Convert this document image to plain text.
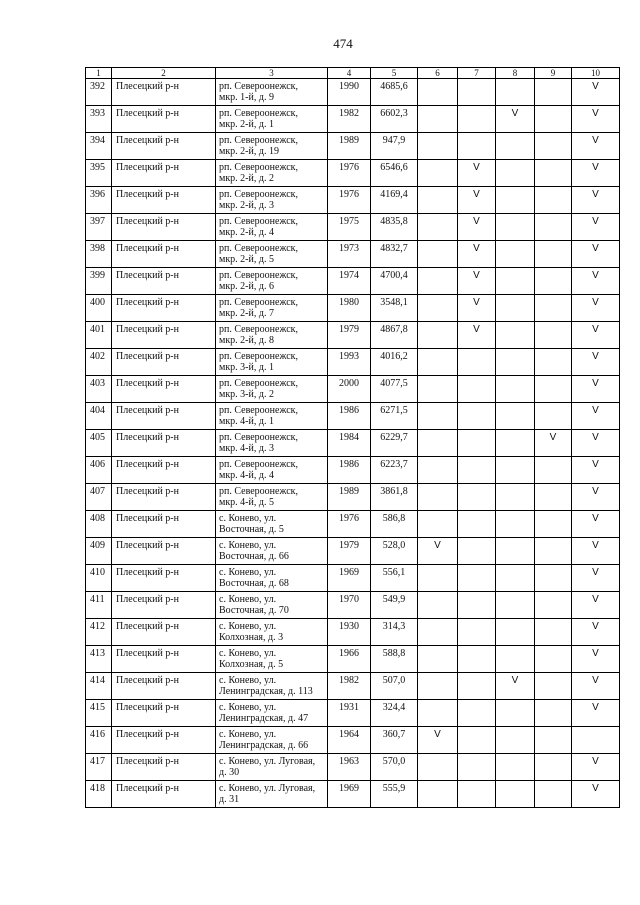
474
1	2	3	4	5	6	7	8	9	10
392	Плесецкий р-н	рп. Североонежск,
мкр. 1-й, д. 9	1990	4685,6					V
393	Плесецкий р-н	рп. Североонежск,
мкр. 2-й, д. 1	1982	6602,3			V		V
394	Плесецкий р-н	рп. Североонежск,
мкр. 2-й, д. 19	1989	947,9					V
395	Плесецкий р-н	рп. Североонежск,
мкр. 2-й, д. 2	1976	6546,6		V			V
396	Плесецкий р-н	рп. Североонежск,
мкр. 2-й, д. 3	1976	4169,4		V			V
397	Плесецкий р-н	рп. Североонежск,
мкр. 2-й, д. 4	1975	4835,8		V			V
398	Плесецкий р-н	рп. Североонежск,
мкр. 2-й, д. 5	1973	4832,7		V			V
399	Плесецкий р-н	рп. Североонежск,
мкр. 2-й, д. 6	1974	4700,4		V			V
400	Плесецкий р-н	рп. Североонежск,
мкр. 2-й, д. 7	1980	3548,1		V			V
401	Плесецкий р-н	рп. Североонежск,
мкр. 2-й, д. 8	1979	4867,8		V			V
402	Плесецкий р-н	рп. Североонежск,
мкр. 3-й, д. 1	1993	4016,2					V
403	Плесецкий р-н	рп. Североонежск,
мкр. 3-й, д. 2	2000	4077,5					V
404	Плесецкий р-н	рп. Североонежск,
мкр. 4-й, д. 1	1986	6271,5					V
405	Плесецкий р-н	рп. Североонежск,
мкр. 4-й, д. 3	1984	6229,7				V	V
406	Плесецкий р-н	рп. Североонежск,
мкр. 4-й, д. 4	1986	6223,7					V
407	Плесецкий р-н	рп. Североонежск,
мкр. 4-й, д. 5	1989	3861,8					V
408	Плесецкий р-н	с. Конево, ул.
Восточная, д. 5	1976	586,8					V
409	Плесецкий р-н	с. Конево, ул.
Восточная, д. 66	1979	528,0	V				V
410	Плесецкий р-н	с. Конево, ул.
Восточная, д. 68	1969	556,1					V
411	Плесецкий р-н	с. Конево, ул.
Восточная, д. 70	1970	549,9					V
412	Плесецкий р-н	с. Конево, ул.
Колхозная, д. 3	1930	314,3					V
413	Плесецкий р-н	с. Конево, ул.
Колхозная, д. 5	1966	588,8					V
414	Плесецкий р-н	с. Конево, ул.
Ленинградская, д. 113	1982	507,0			V		V
415	Плесецкий р-н	с. Конево, ул.
Ленинградская, д. 47	1931	324,4					V
416	Плесецкий р-н	с. Конево, ул.
Ленинградская, д. 66	1964	360,7	V				
417	Плесецкий р-н	с. Конево, ул. Луговая,
д. 30	1963	570,0					V
418	Плесецкий р-н	с. Конево, ул. Луговая,
д. 31	1969	555,9					V
